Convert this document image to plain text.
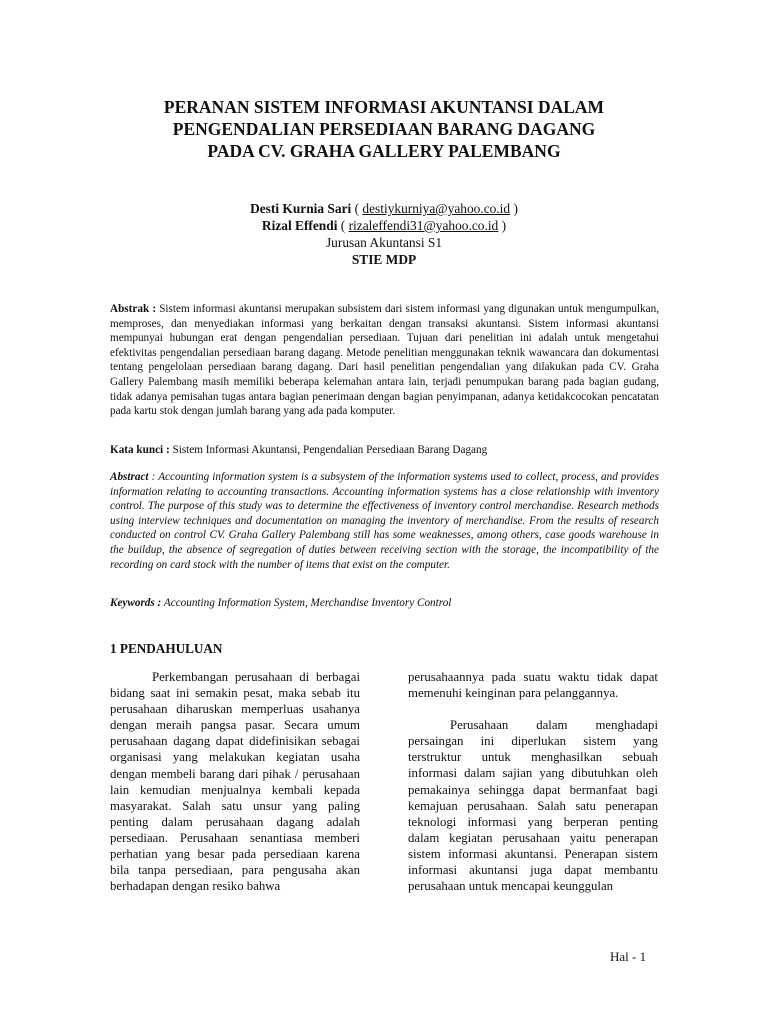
PERANAN SISTEM INFORMASI AKUNTANSI DALAM
PENGENDALIAN PERSEDIAAN BARANG DAGANG
PADA CV. GRAHA GALLERY PALEMBANG
Desti Kurnia Sari ( destiykurniya@yahoo.co.id )
Rizal Effendi ( rizaleffendi31@yahoo.co.id )
Jurusan Akuntansi S1
STIE MDP
Abstrak : Sistem informasi akuntansi merupakan subsistem dari sistem informasi yang digunakan untuk mengumpulkan, memproses, dan menyediakan informasi yang berkaitan dengan transaksi akuntansi. Sistem informasi akuntansi mempunyai hubungan erat dengan pengendalian persediaan. Tujuan dari penelitian ini adalah untuk mengetahui efektivitas pengendalian persediaan barang dagang. Metode penelitian menggunakan teknik wawancara dan dokumentasi tentang pengelolaan persediaan barang dagang. Dari hasil penelitian pengendalian yang dilakukan pada CV. Graha Gallery Palembang masih memiliki beberapa kelemahan antara lain, terjadi penumpukan barang pada bagian gudang, tidak adanya pemisahan tugas antara bagian penerimaan dengan bagian penyimpanan, adanya ketidakcocokan pencatatan pada kartu stok dengan jumlah barang yang ada pada komputer.
Kata kunci : Sistem Informasi Akuntansi, Pengendalian Persediaan Barang Dagang
Abstract : Accounting information system is a subsystem of the information systems used to collect, process, and provides information relating to accounting transactions. Accounting information systems has a close relationship with inventory control. The purpose of this study was to determine the effectiveness of inventory control merchandise. Research methods using interview techniques and documentation on managing the inventory of merchandise. From the results of research conducted on control CV. Graha Gallery Palembang still has some weaknesses, among others, case goods warehouse in the buildup, the absence of segregation of duties between receiving section with the storage, the incompatibility of the recording on card stock with the number of items that exist on the computer.
Keywords : Accounting Information System, Merchandise Inventory Control
1 PENDAHULUAN

Perkembangan perusahaan di berbagai bidang saat ini semakin pesat, maka sebab itu perusahaan diharuskan memperluas usahanya dengan meraih pangsa pasar. Secara umum perusahaan dagang dapat didefinisikan sebagai organisasi yang melakukan kegiatan usaha dengan membeli barang dari pihak / perusahaan lain kemudian menjualnya kembali kepada masyarakat. Salah satu unsur yang paling penting dalam perusahaan dagang adalah persediaan. Perusahaan senantiasa memberi perhatian yang besar pada persediaan karena bila tanpa persediaan, para pengusaha akan berhadapan dengan resiko bahwa

perusahaannya pada suatu waktu tidak dapat memenuhi keinginan para pelanggannya.

Perusahaan dalam menghadapi persaingan ini diperlukan sistem yang terstruktur untuk menghasilkan sebuah informasi dalam sajian yang dibutuhkan oleh pemakainya sehingga dapat bermanfaat bagi kemajuan perusahaan. Salah satu penerapan teknologi informasi yang berperan penting dalam kegiatan perusahaan yaitu penerapan sistem informasi akuntansi. Penerapan sistem informasi akuntansi juga dapat membantu perusahaan untuk mencapai keunggulan

Hal - 1
